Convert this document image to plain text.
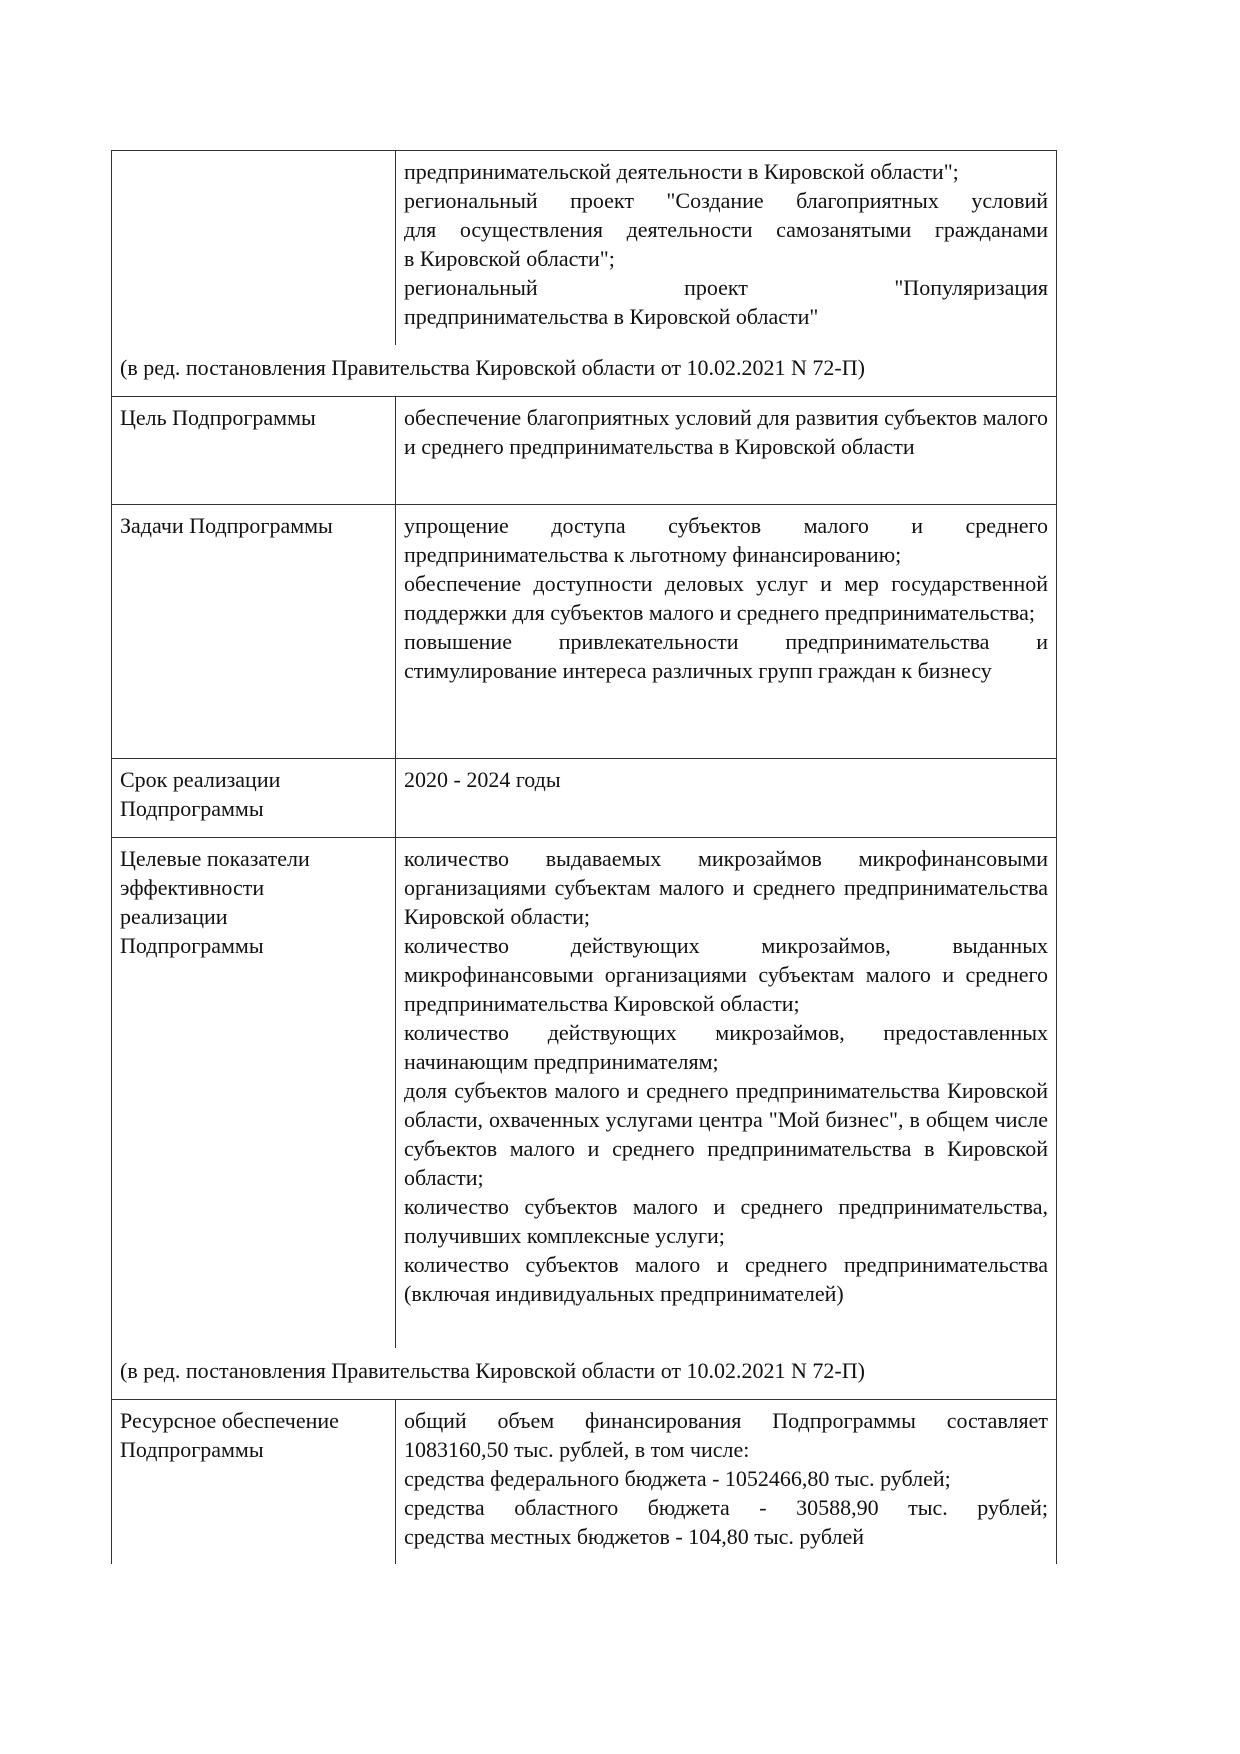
предпринимательской деятельности в Кировской области";
региональный проект "Создание благоприятных условий
для осуществления деятельности самозанятыми гражданами
в Кировской области";
региональный проект "Популяризация
предпринимательства в Кировской области"
(в ред. постановления Правительства Кировской области от 10.02.2021 N 72-П)
Цель Подпрограммы	обеспечение благоприятных условий для развития субъектов малого и среднего предпринимательства в Кировской области
Задачи Подпрограммы	упрощение доступа субъектов малого и среднего предпринимательства к льготному финансированию;
обеспечение доступности деловых услуг и мер государственной поддержки для субъектов малого и среднего предпринимательства;
повышение привлекательности предпринимательства и стимулирование интереса различных групп граждан к бизнесу
Срок реализации
Подпрограммы
2020 - 2024 годы
Целевые показатели
эффективности
реализации
Подпрограммы
количество выдаваемых микрозаймов микрофинансовыми организациями субъектам малого и среднего предпринимательства Кировской области;
количество действующих микрозаймов, выданных микрофинансовыми организациями субъектам малого и среднего предпринимательства Кировской области;
количество действующих микрозаймов, предоставленных начинающим предпринимателям;
доля субъектов малого и среднего предпринимательства Кировской области, охваченных услугами центра "Мой бизнес", в общем числе субъектов малого и среднего предпринимательства в Кировской области;
количество субъектов малого и среднего предпринимательства, получивших комплексные услуги;
количество субъектов малого и среднего предпринимательства (включая индивидуальных предпринимателей)
(в ред. постановления Правительства Кировской области от 10.02.2021 N 72-П)
Ресурсное обеспечение
Подпрограммы
общий объем финансирования Подпрограммы составляет 1083160,50 тыс. рублей, в том числе:
средства федерального бюджета - 1052466,80 тыс. рублей;
средства областного бюджета - 30588,90 тыс. рублей;
средства местных бюджетов - 104,80 тыс. рублей
